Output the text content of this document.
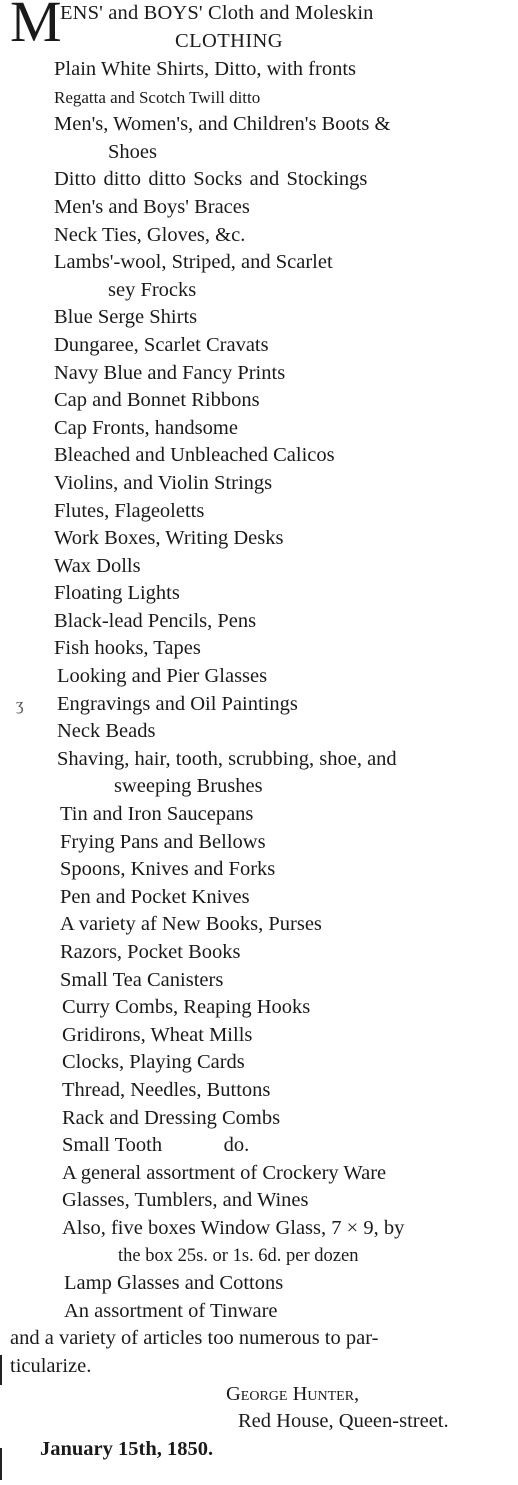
M
ENS' and BOYS' Cloth and Moleskin
CLOTHING
Plain White Shirts, Ditto, with fronts
Regatta and Scotch Twill ditto
Men's, Women's, and Children's Boots &
Shoes
Ditto ditto ditto Socks and Stockings
Men's and Boys' Braces
Neck Ties, Gloves, &c.
Lambs'-wool, Striped, and Scarlet
sey Frocks
Blue Serge Shirts
Dungaree, Scarlet Cravats
Navy Blue and Fancy Prints
Cap and Bonnet Ribbons
Cap Fronts, handsome
Bleached and Unbleached Calicos
Violins, and Violin Strings
Flutes, Flageoletts
Work Boxes, Writing Desks
Wax Dolls
Floating Lights
Black-lead Pencils, Pens
Fish hooks, Tapes
Looking and Pier Glasses
ʒ Engravings and Oil Paintings
Neck Beads
Shaving, hair, tooth, scrubbing, shoe, and
sweeping Brushes
Tin and Iron Saucepans
Frying Pans and Bellows
Spoons, Knives and Forks
Pen and Pocket Knives
A variety af New Books, Purses
Razors, Pocket Books
Small Tea Canisters
Curry Combs, Reaping Hooks
Gridirons, Wheat Mills
Clocks, Playing Cards
Thread, Needles, Buttons
Rack and Dressing Combs
Small Tooth            do.
A general assortment of Crockery Ware
Glasses, Tumblers, and Wines
Also, five boxes Window Glass, 7 × 9, by
the box 25s. or 1s. 6d. per dozen
Lamp Glasses and Cottons
An assortment of Tinware
and a variety of articles too numerous to par-
ticularize.
George Hunter,
Red House, Queen-street.
January 15th, 1850.
